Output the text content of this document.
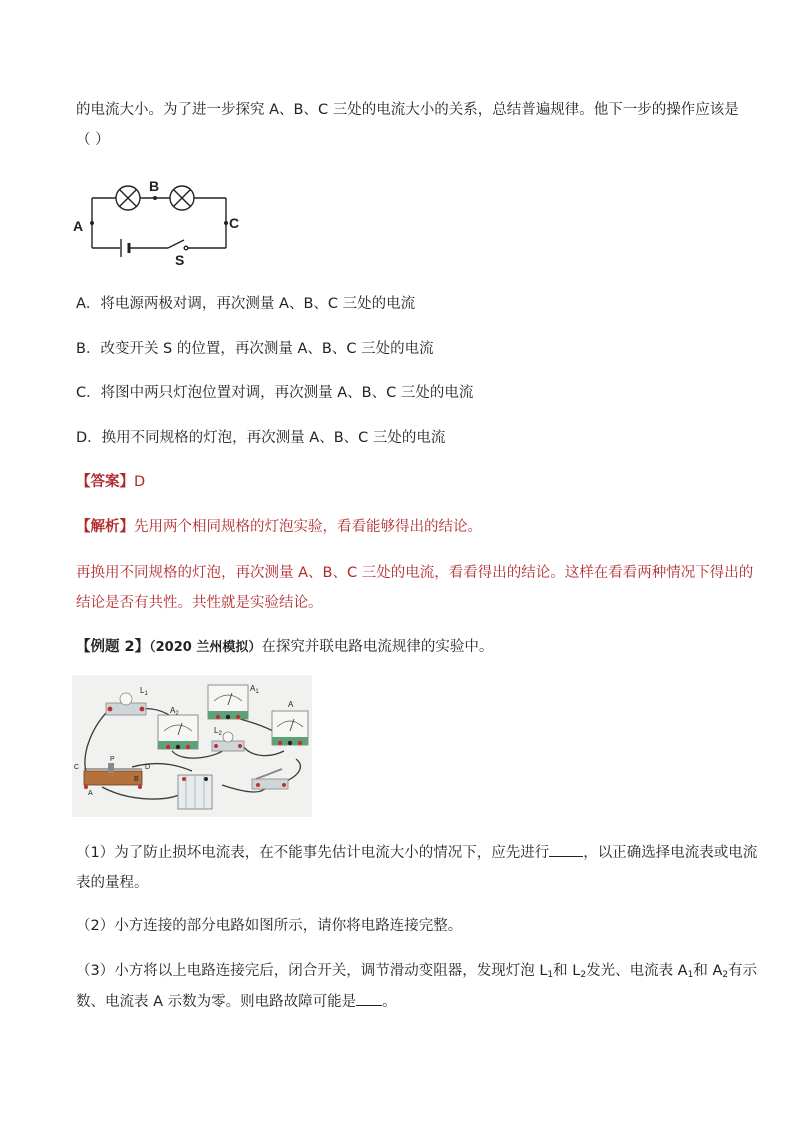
的电流大小。为了进一步探究 A、B、C 三处的电流大小的关系，总结普遍规律。他下一步的操作应该是
（ ）
A
B
C
S
A．将电源两极对调，再次测量 A、B、C 三处的电流
B．改变开关 S 的位置，再次测量 A、B、C 三处的电流
C．将图中两只灯泡位置对调，再次测量 A、B、C 三处的电流
D．换用不同规格的灯泡，再次测量 A、B、C 三处的电流
【答案】D
【解析】先用两个相同规格的灯泡实验，看看能够得出的结论。
再换用不同规格的灯泡，再次测量 A、B、C 三处的电流，看看得出的结论。这样在看看两种情况下得出的
结论是否有共性。共性就是实验结论。
【例题 2】（2020 兰州模拟）在探究并联电路电流规律的实验中。
$L_1$
$A_1$
$A_2$
$L_2$
A
C	D
P
A
B
（1）为了防止损坏电流表，在不能事先估计电流大小的情况下，应先进行 ，以正确选择电流表或电流
表的量程。
（2）小方连接的部分电路如图所示，请你将电路连接完整。
（3）小方将以上电路连接完后，闭合开关，调节滑动变阻器，发现灯泡 $L_1$和 $L_2$发光、电流表 $A_1$和 $A_2$有示
数、电流表 A 示数为零。则电路故障可能是 。
